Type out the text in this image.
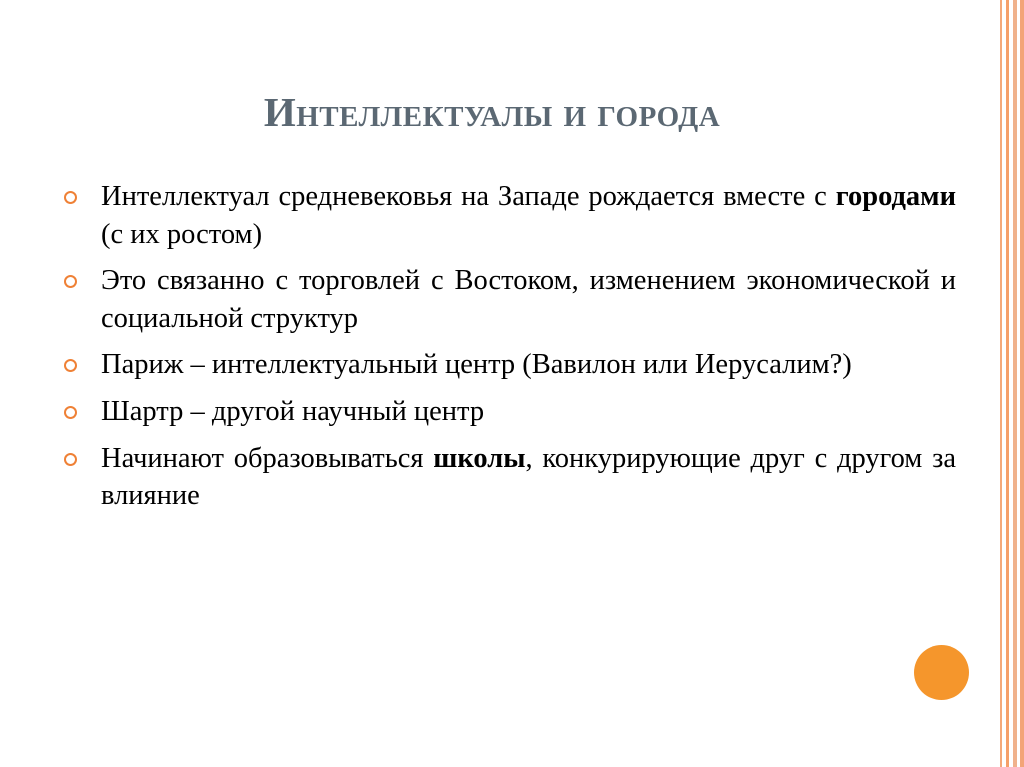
Интеллектуалы и города
Интеллектуал средневековья на Западе рождается вместе с городами (с их ростом)
Это связанно с торговлей с Востоком, изменением экономической и социальной структур
Париж – интеллектуальный центр (Вавилон или Иерусалим?)
Шартр – другой научный центр
Начинают образовываться школы, конкурирующие друг с другом за влияние
